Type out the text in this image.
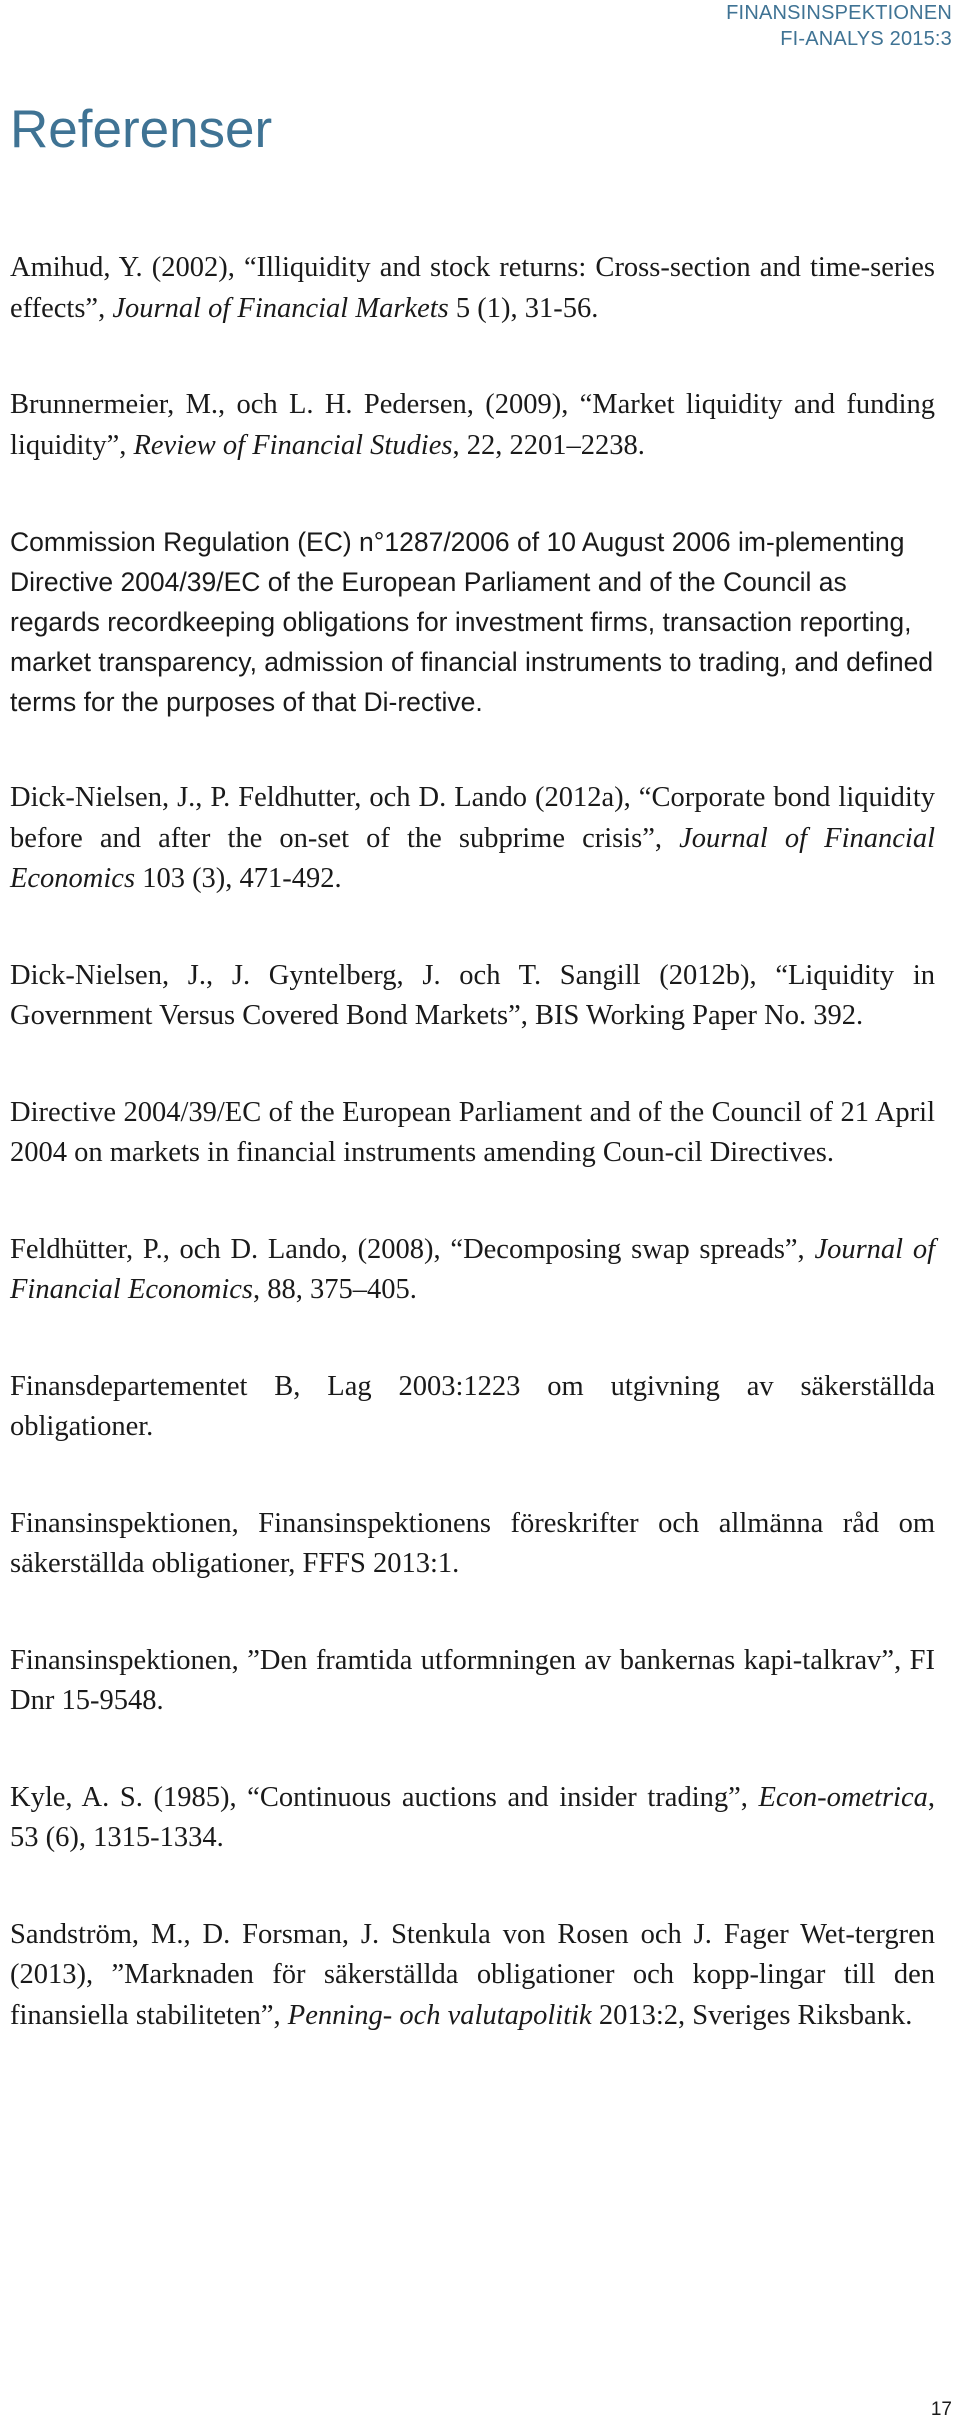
FINANSINSPEKTIONEN
FI-ANALYS 2015:3
Referenser
Amihud, Y. (2002), “Illiquidity and stock returns: Cross-section and time-series effects”, Journal of Financial Markets 5 (1), 31-56.
Brunnermeier, M., och L. H. Pedersen, (2009), “Market liquidity and funding liquidity”, Review of Financial Studies, 22, 2201–2238.
Commission Regulation (EC) n°1287/2006 of 10 August 2006 im-plementing Directive 2004/39/EC of the European Parliament and of the Council as regards recordkeeping obligations for investment firms, transaction reporting, market transparency, admission of financial instruments to trading, and defined terms for the purposes of that Di-rective.
Dick-Nielsen, J., P. Feldhutter, och D. Lando (2012a), “Corporate bond liquidity before and after the on-set of the subprime crisis”, Journal of Financial Economics 103 (3), 471-492.
Dick-Nielsen, J., J. Gyntelberg, J. och T. Sangill (2012b), “Liquidity in Government Versus Covered Bond Markets”, BIS Working Paper No. 392.
Directive 2004/39/EC of the European Parliament and of the Council of 21 April 2004 on markets in financial instruments amending Coun-cil Directives.
Feldhütter, P., och D. Lando, (2008), “Decomposing swap spreads”, Journal of Financial Economics, 88, 375–405.
Finansdepartementet B, Lag 2003:1223 om utgivning av säkerställda obligationer.
Finansinspektionen, Finansinspektionens föreskrifter och allmänna råd om säkerställda obligationer, FFFS 2013:1.
Finansinspektionen, ”Den framtida utformningen av bankernas kapi-talkrav”, FI Dnr 15-9548.
Kyle, A. S. (1985), “Continuous auctions and insider trading”, Econ-ometrica, 53 (6), 1315-1334.
Sandström, M., D. Forsman, J. Stenkula von Rosen och J. Fager Wet-tergren (2013), ”Marknaden för säkerställda obligationer och kopp-lingar till den finansiella stabiliteten”, Penning- och valutapolitik 2013:2, Sveriges Riksbank.
17
